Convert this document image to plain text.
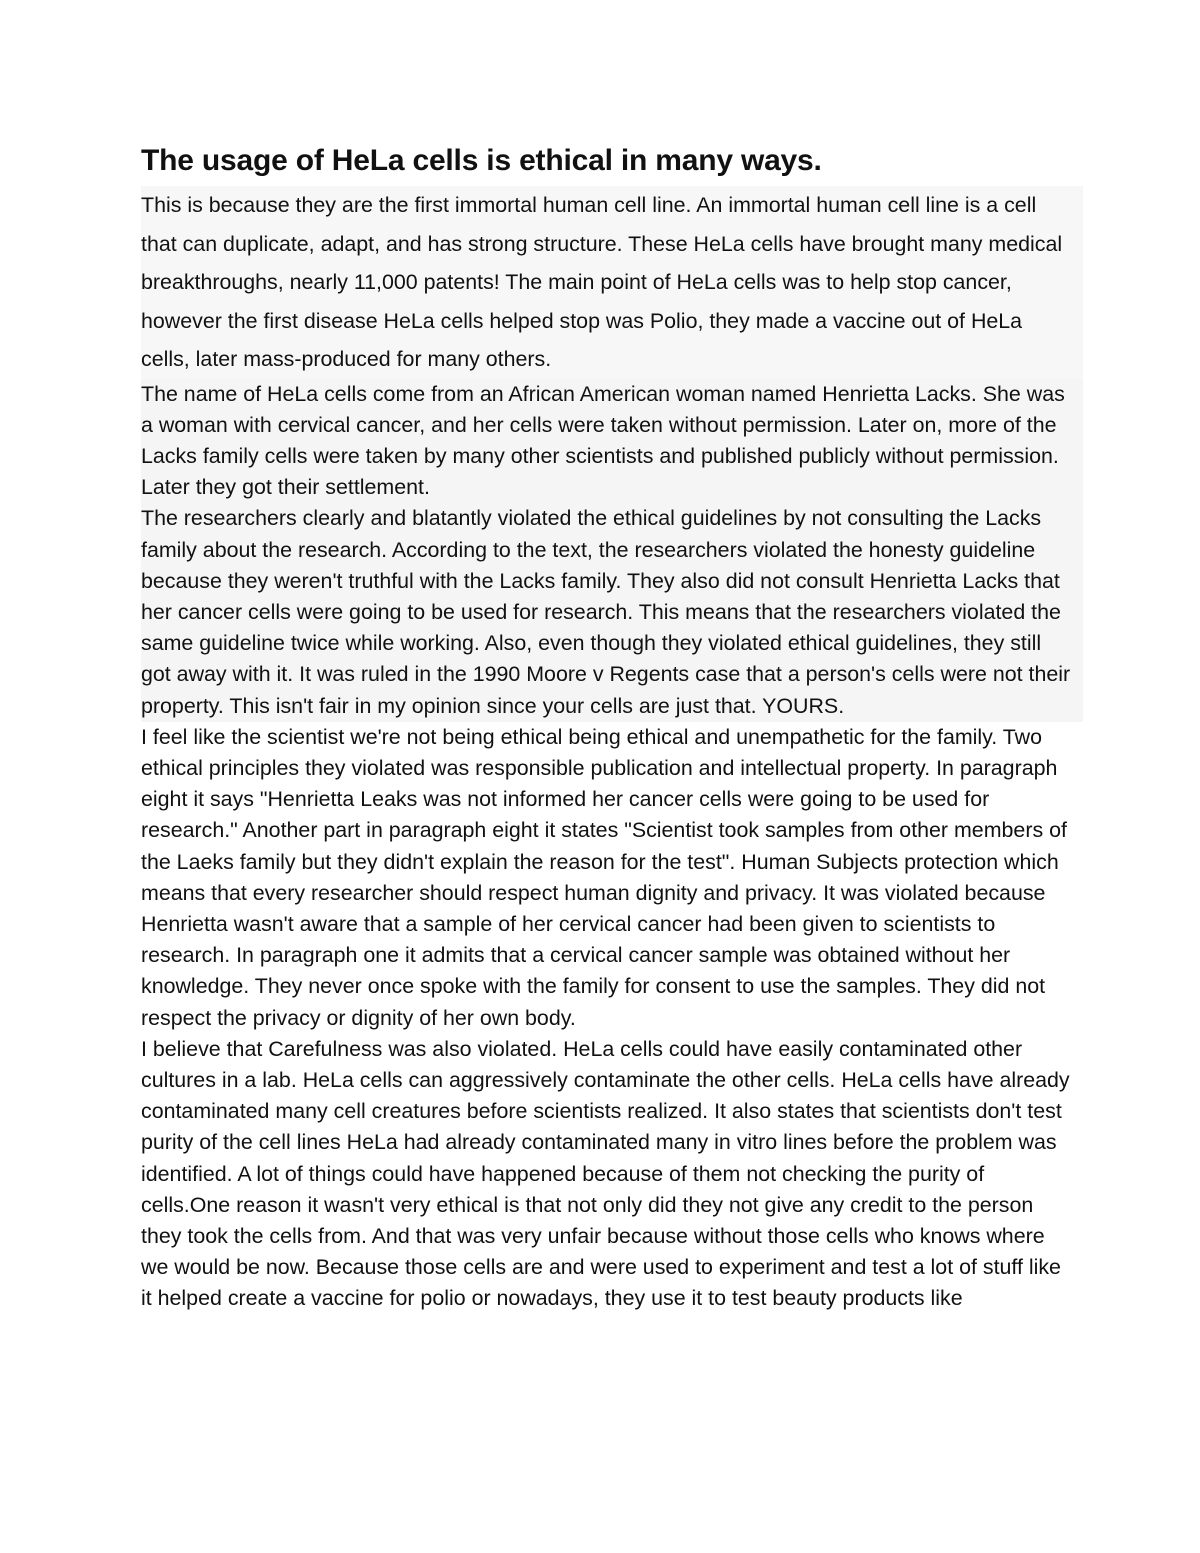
The usage of HeLa cells is ethical in many ways.

This is because they are the first immortal human cell line. An immortal human cell line is a cell that can duplicate, adapt, and has strong structure. These HeLa cells have brought many medical breakthroughs, nearly 11,000 patents! The main point of HeLa cells was to help stop cancer, however the first disease HeLa cells helped stop was Polio, they made a vaccine out of HeLa cells, later mass-produced for many others.

The name of HeLa cells come from an African American woman named Henrietta Lacks. She was a woman with cervical cancer, and her cells were taken without permission. Later on, more of the Lacks family cells were taken by many other scientists and published publicly without permission. Later they got their settlement.

The researchers clearly and blatantly violated the ethical guidelines by not consulting the Lacks family about the research. According to the text, the researchers violated the honesty guideline because they weren't truthful with the Lacks family. They also did not consult Henrietta Lacks that her cancer cells were going to be used for research. This means that the researchers violated the same guideline twice while working. Also, even though they violated ethical guidelines, they still got away with it. It was ruled in the 1990 Moore v Regents case that a person's cells were not their property. This isn't fair in my opinion since your cells are just that. YOURS.

I feel like the scientist we're not being ethical being ethical and unempathetic for the family. Two ethical principles they violated was responsible publication and intellectual property. In paragraph eight it says "Henrietta Leaks was not informed her cancer cells were going to be used for research." Another part in paragraph eight it states "Scientist took samples from other members of the Laeks family but they didn't explain the reason for the test". Human Subjects protection which means that every researcher should respect human dignity and privacy. It was violated because Henrietta wasn't aware that a sample of her cervical cancer had been given to scientists to research. In paragraph one it admits that a cervical cancer sample was obtained without her knowledge. They never once spoke with the family for consent to use the samples. They did not respect the privacy or dignity of her own body.

I believe that Carefulness was also violated. HeLa cells could have easily contaminated other cultures in a lab. HeLa cells can aggressively contaminate the other cells. HeLa cells have already contaminated many cell creatures before scientists realized. It also states that scientists don't test purity of the cell lines HeLa had already contaminated many in vitro lines before the problem was identified. A lot of things could have happened because of them not checking the purity of cells.One reason it wasn't very ethical is that not only did they not give any credit to the person they took the cells from. And that was very unfair because without those cells who knows where we would be now. Because those cells are and were used to experiment and test a lot of stuff like it helped create a vaccine for polio or nowadays, they use it to test beauty products like
